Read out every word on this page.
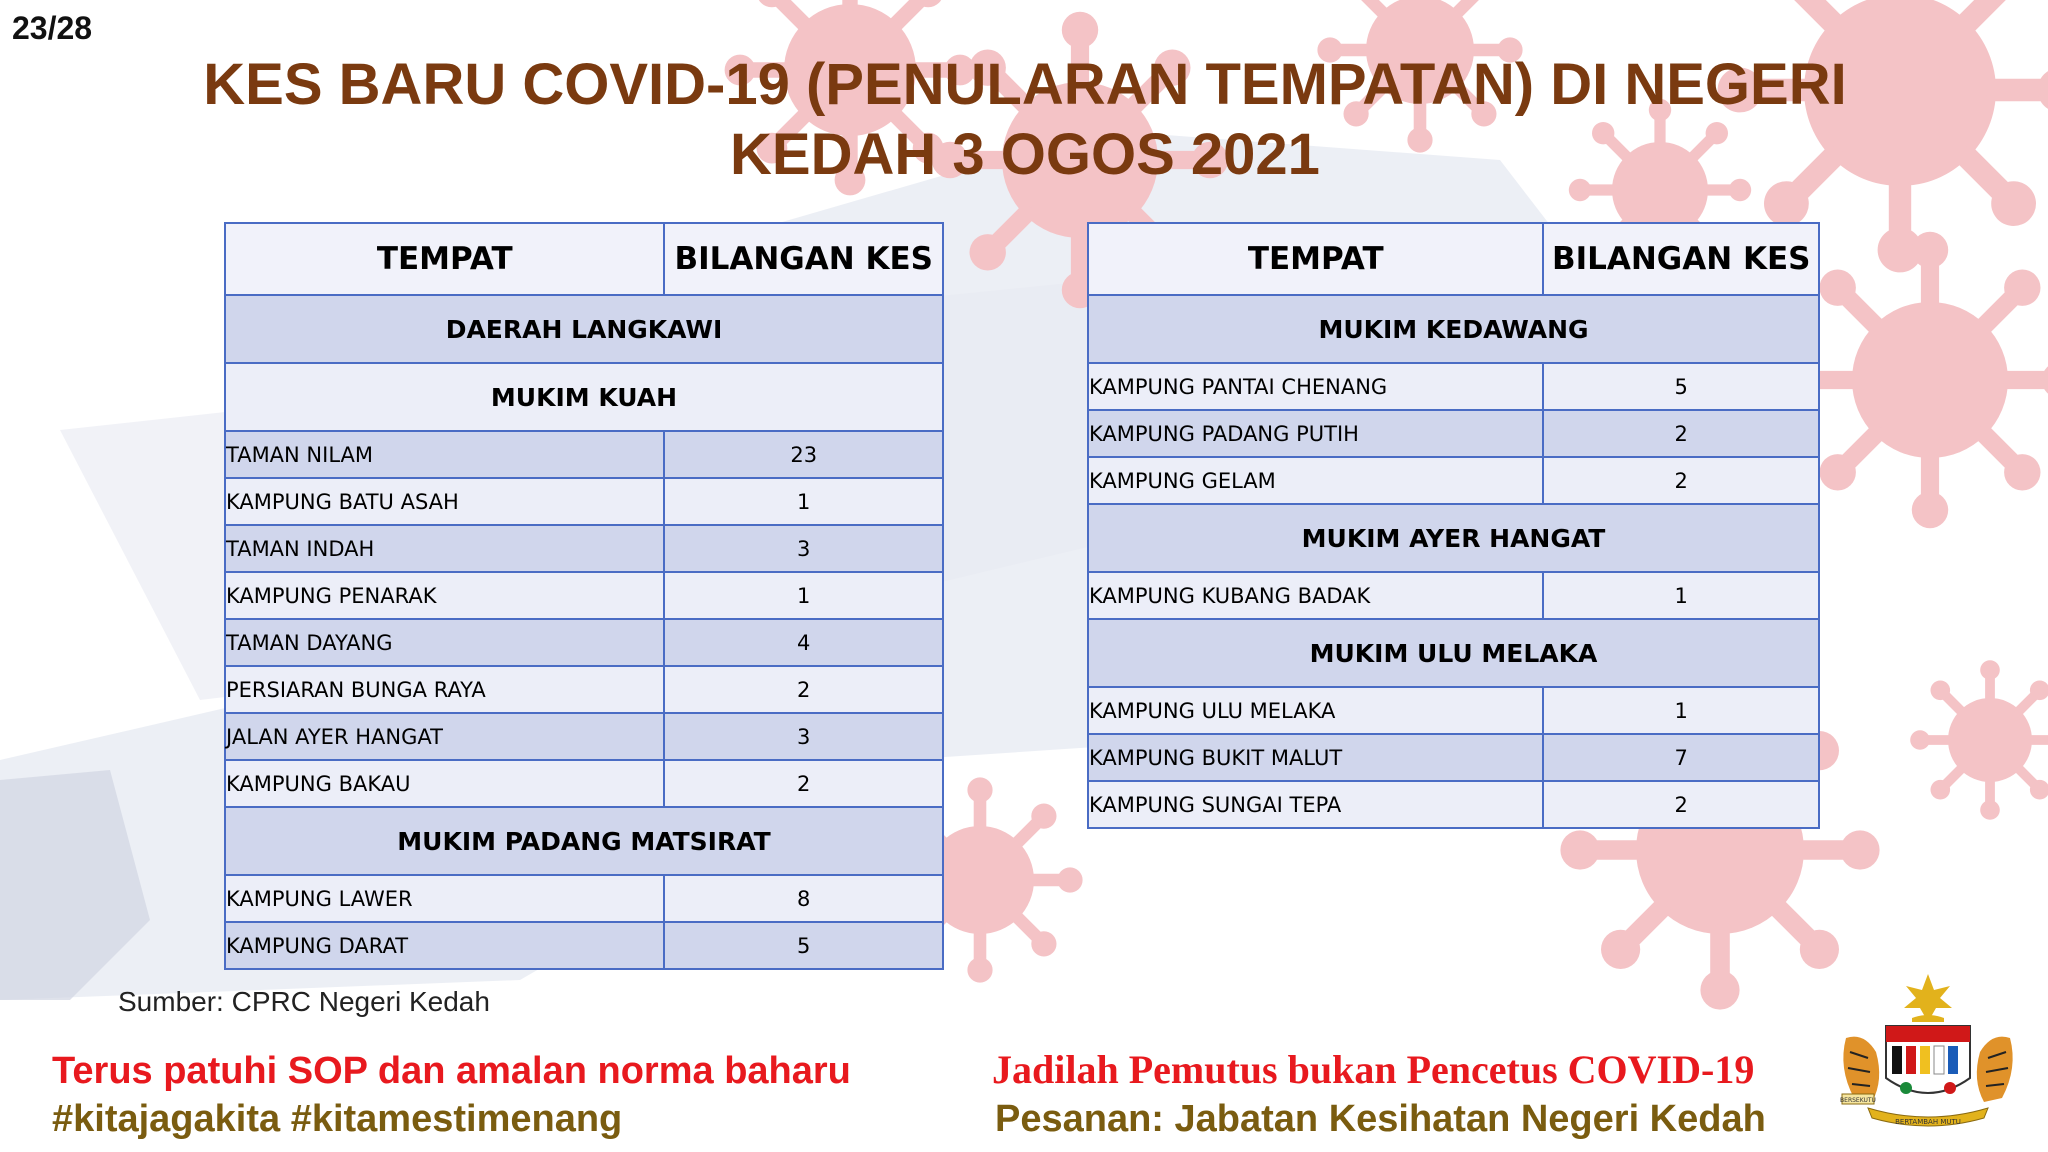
23/28
KES BARU COVID-19 (PENULARAN TEMPATAN) DI NEGERI
KEDAH 3 OGOS 2021
TEMPAT	BILANGAN KES
DAERAH LANGKAWI	
MUKIM KUAH	
TAMAN NILAM	23
KAMPUNG BATU ASAH	1
TAMAN INDAH	3
KAMPUNG PENARAK	1
TAMAN DAYANG	4
PERSIARAN BUNGA RAYA	2
JALAN AYER HANGAT	3
KAMPUNG BAKAU	2
MUKIM PADANG MATSIRAT	
KAMPUNG LAWER	8
KAMPUNG DARAT	5
TEMPAT	BILANGAN KES
MUKIM KEDAWANG	
KAMPUNG PANTAI CHENANG	5
KAMPUNG PADANG PUTIH	2
KAMPUNG GELAM	2
MUKIM AYER HANGAT	
KAMPUNG KUBANG BADAK	1
MUKIM ULU MELAKA	
KAMPUNG ULU MELAKA	1
KAMPUNG BUKIT MALUT	7
KAMPUNG SUNGAI TEPA	2
Sumber: CPRC Negeri Kedah
Terus patuhi SOP dan amalan norma baharu
#kitajagakita #kitamestimenang
Jadilah Pemutus bukan Pencetus COVID-19
Pesanan: Jabatan Kesihatan Negeri Kedah	BERSEKUTU
BERTAMBAH MUTU
